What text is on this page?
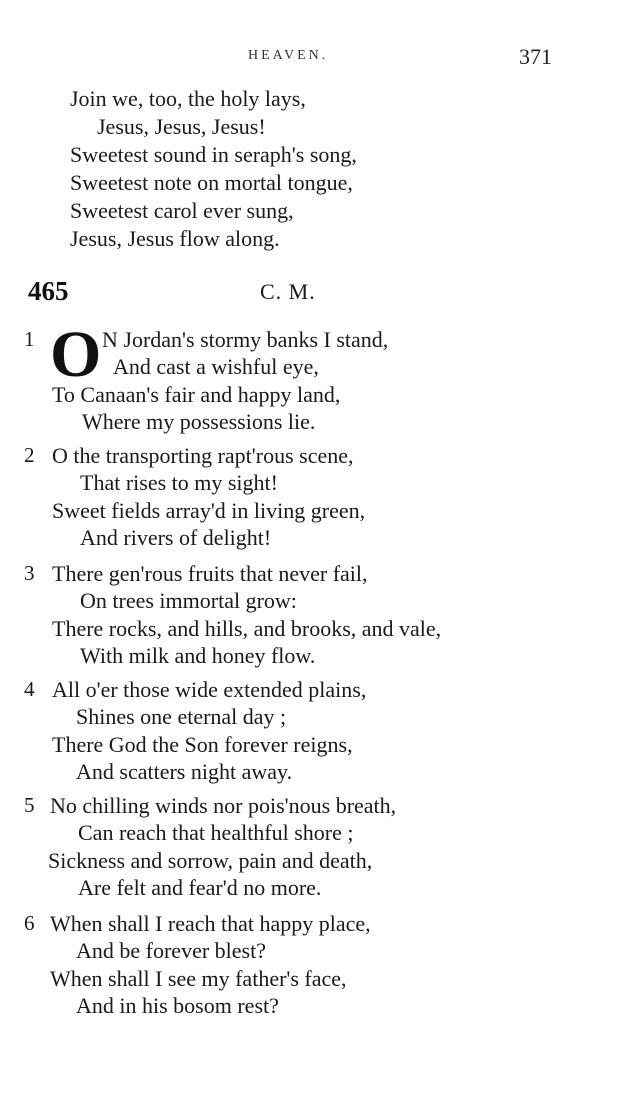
HEAVEN.	371
Join we, too, the holy lays,
Jesus, Jesus, Jesus!
Sweetest sound in seraph's song,
Sweetest note on mortal tongue,
Sweetest carol ever sung,
Jesus, Jesus flow along.
465	C. M.
1 O N Jordan's stormy banks I stand,
And cast a wishful eye,
To Canaan's fair and happy land,
Where my possessions lie.
2 O the transporting rapt'rous scene,
That rises to my sight!
Sweet fields array'd in living green,
And rivers of delight!
3 There gen'rous fruits that never fail,
On trees immortal grow:
There rocks, and hills, and brooks, and vale,
With milk and honey flow.
4 All o'er those wide extended plains,
Shines one eternal day ;
There God the Son forever reigns,
And scatters night away.
5 No chilling winds nor pois'nous breath,
Can reach that healthful shore ;
Sickness and sorrow, pain and death,
Are felt and fear'd no more.
6 When shall I reach that happy place,
And be forever blest?
When shall I see my father's face,
And in his bosom rest?
